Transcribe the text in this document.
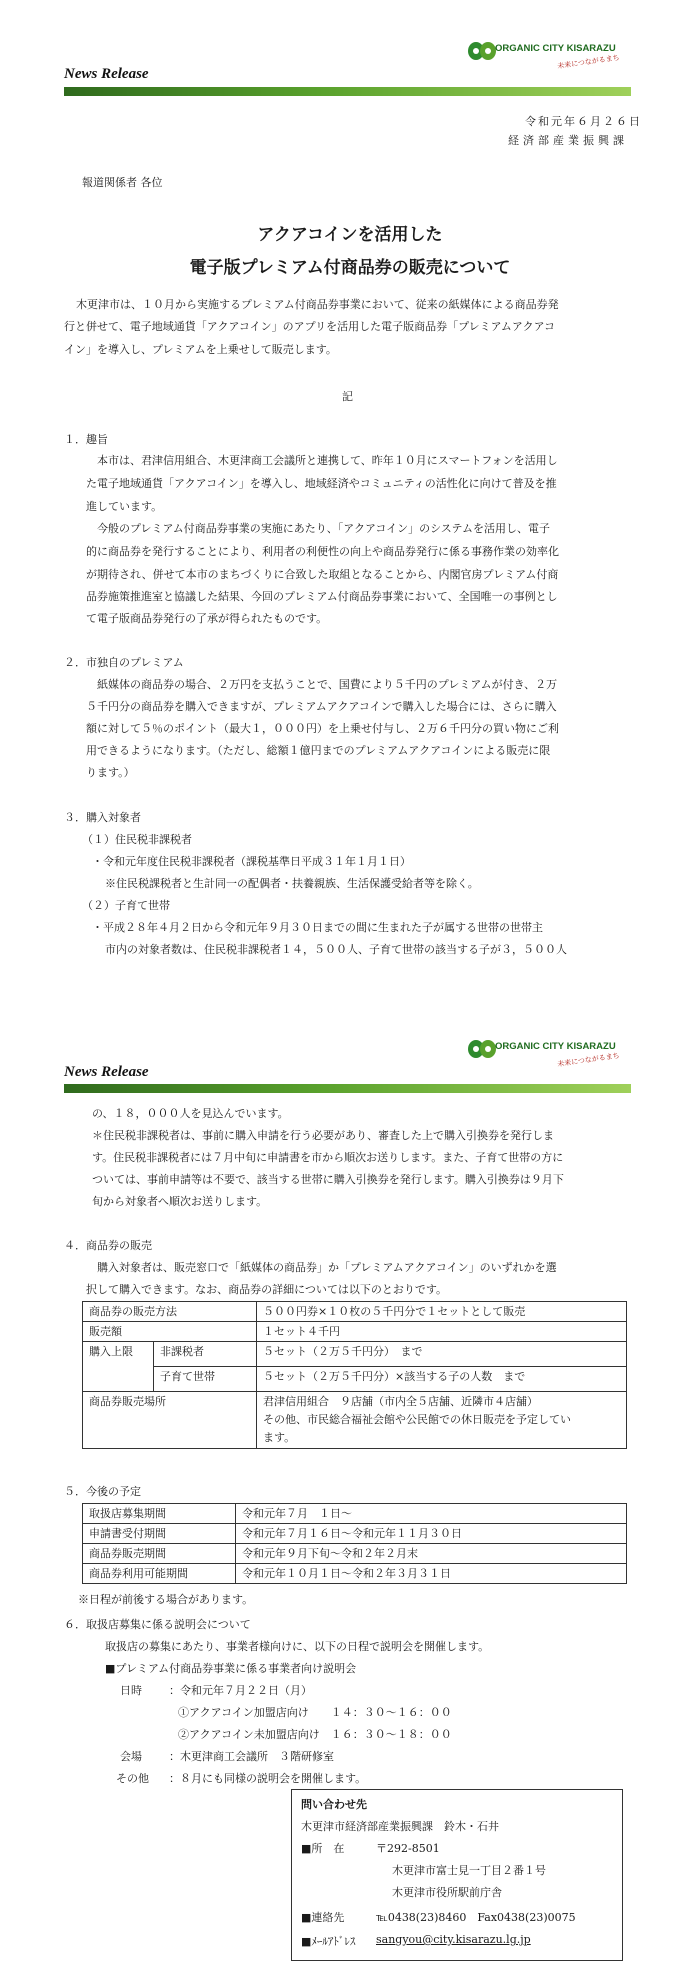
News Release
ORGANIC CITY KISARAZU
未来につながるまち
令和元年６月２６日
経済部産業振興課
報道関係者 各位
アクアコインを活用した
電子版プレミアム付商品券の販売について
木更津市は、１０月から実施するプレミアム付商品券事業において、従来の紙媒体による商品券発
行と併せて、電子地域通貨「アクアコイン」のアプリを活用した電子版商品券「プレミアムアクアコ
イン」を導入し、プレミアムを上乗せして販売します。
記
１．趣旨
本市は、君津信用組合、木更津商工会議所と連携して、昨年１０月にスマートフォンを活用し
た電子地域通貨「アクアコイン」を導入し、地域経済やコミュニティの活性化に向けて普及を推
進しています。
今般のプレミアム付商品券事業の実施にあたり、「アクアコイン」のシステムを活用し、電子
的に商品券を発行することにより、利用者の利便性の向上や商品券発行に係る事務作業の効率化
が期待され、併せて本市のまちづくりに合致した取組となることから、内閣官房プレミアム付商
品券施策推進室と協議した結果、今回のプレミアム付商品券事業において、全国唯一の事例とし
て電子版商品券発行の了承が得られたものです。
２．市独自のプレミアム
紙媒体の商品券の場合、２万円を支払うことで、国費により５千円のプレミアムが付き、２万
５千円分の商品券を購入できますが、プレミアムアクアコインで購入した場合には、さらに購入
額に対して５％のポイント（最大１，０００円）を上乗せ付与し、２万６千円分の買い物にご利
用できるようになります。（ただし、総額１億円までのプレミアムアクアコインによる販売に限
ります。）
３．購入対象者
（１）住民税非課税者
・令和元年度住民税非課税者（課税基準日平成３１年１月１日）
※住民税課税者と生計同一の配偶者・扶養親族、生活保護受給者等を除く。
（２）子育て世帯
・平成２８年４月２日から令和元年９月３０日までの間に生まれた子が属する世帯の世帯主
市内の対象者数は、住民税非課税者１４，５００人、子育て世帯の該当する子が３，５００人
News Release
ORGANIC CITY KISARAZU
未来につながるまち
の、１８，０００人を見込んでいます。
＊住民税非課税者は、事前に購入申請を行う必要があり、審査した上で購入引換券を発行しま
す。住民税非課税者には７月中旬に申請書を市から順次お送りします。また、子育て世帯の方に
ついては、事前申請等は不要で、該当する世帯に購入引換券を発行します。購入引換券は９月下
旬から対象者へ順次お送りします。
４．商品券の販売
購入対象者は、販売窓口で「紙媒体の商品券」か「プレミアムアクアコイン」のいずれかを選
択して購入できます。なお、商品券の詳細については以下のとおりです。
商品券の販売方法		５００円券×１０枚の５千円分で１セットとして販売
販売額		１セット４千円
購入上限	非課税者	５セット（２万５千円分）　まで
	子育て世帯	５セット（２万５千円分）×該当する子の人数　まで
商品券販売場所		君津信用組合　９店舗（市内全５店舗、近隣市４店舗）
その他、市民総合福祉会館や公民館での休日販売を予定してい
ます。
５．今後の予定
取扱店募集期間	令和元年７月　１日～
申請書受付期間	令和元年７月１６日～令和元年１１月３０日
商品券販売期間	令和元年９月下旬～令和２年２月末
商品券利用可能期間	令和元年１０月１日～令和２年３月３１日
※日程が前後する場合があります。
６．取扱店募集に係る説明会について
取扱店の募集にあたり、事業者様向けに、以下の日程で説明会を開催します。
■プレミアム付商品券事業に係る事業者向け説明会
日時	：令和元年７月２２日（月）
①アクアコイン加盟店向け　　１４：３０～１６：００
②アクアコイン未加盟店向け　１６：３０～１８：００
会場	：木更津商工会議所　３階研修室
その他	：８月にも同様の説明会を開催します。
問い合わせ先
木更津市経済部産業振興課　鈴木・石井
■所　在	〒292-8501
木更津市富士見一丁目２番１号
木更津市役所駅前庁舎
■連絡先	℡0438(23)8460　Fax0438(23)0075
■ﾒｰﾙｱﾄﾞﾚｽ sangyou@city.kisarazu.lg.jp
